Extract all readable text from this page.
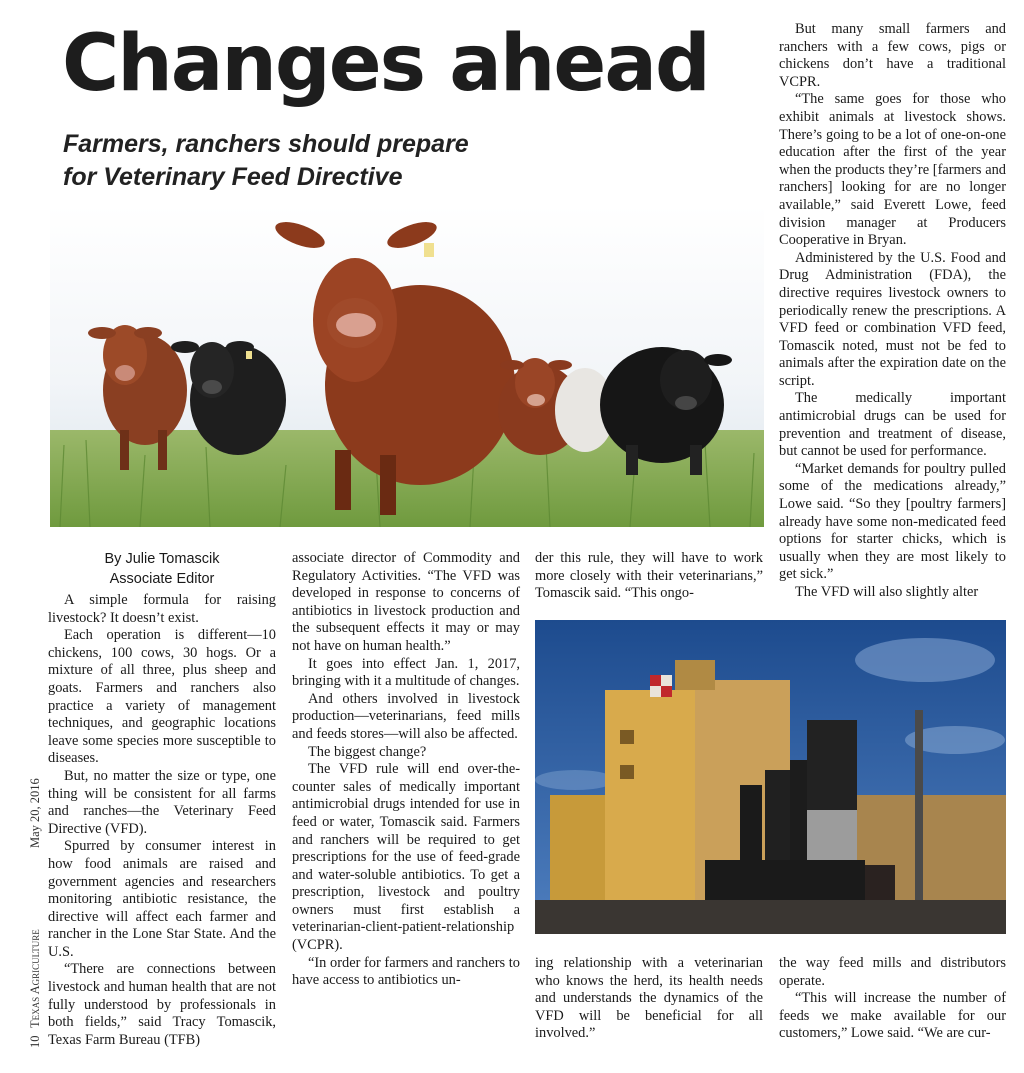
Changes ahead
Farmers, ranchers should prepare
for Veterinary Feed Directive
By Julie Tomascik
Associate Editor

A simple formula for raising livestock? It doesn’t exist.

Each operation is different—10 chickens, 100 cows, 30 hogs. Or a mixture of all three, plus sheep and goats. Farmers and ranchers also practice a variety of management techniques, and geographic locations leave some species more susceptible to diseases.

But, no matter the size or type, one thing will be consistent for all farms and ranches—the Veterinary Feed Directive (VFD).

Spurred by consumer interest in how food animals are raised and government agencies and researchers monitoring antibiotic resistance, the directive will affect each farmer and rancher in the Lone Star State. And the U.S.

“There are connections between livestock and human health that are not fully understood by professionals in both fields,” said Tracy Tomascik, Texas Farm Bureau (TFB)

associate director of Commodity and Regulatory Activities. “The VFD was developed in response to concerns of antibiotics in livestock production and the subsequent effects it may or may not have on human health.”

It goes into effect Jan. 1, 2017, bringing with it a multitude of changes.

And others involved in livestock production—veterinarians, feed mills and feeds stores—will also be affected.

The biggest change?

The VFD rule will end over-the-counter sales of medically important antimicrobial drugs intended for use in feed or water, Tomascik said. Farmers and ranchers will be required to get prescriptions for the use of feed-grade and water-soluble antibiotics. To get a prescription, livestock and poultry owners must first establish a veterinarian-client-patient-relationship (VCPR).

“In order for farmers and ranchers to have access to antibiotics un-

der this rule, they will have to work more closely with their veterinarians,” Tomascik said. “This ongo-

ing relationship with a veterinarian who knows the herd, its health needs and understands the dynamics of the VFD will be beneficial for all involved.”

But many small farmers and ranchers with a few cows, pigs or chickens don’t have a traditional VCPR.

“The same goes for those who exhibit animals at livestock shows. There’s going to be a lot of one-on-one education after the first of the year when the products they’re [farmers and ranchers] looking for are no longer available,” said Everett Lowe, feed division manager at Producers Cooperative in Bryan.

Administered by the U.S. Food and Drug Administration (FDA), the directive requires livestock owners to periodically renew the prescriptions. A VFD feed or combination VFD feed, Tomascik noted, must not be fed to animals after the expiration date on the script.

The medically important antimicrobial drugs can be used for prevention and treatment of disease, but cannot be used for performance.

“Market demands for poultry pulled some of the medications already,” Lowe said. “So they [poultry farmers] already have some non-medicated feed options for starter chicks, which is usually when they are most likely to get sick.”

The VFD will also slightly alter

the way feed mills and distributors operate.

“This will increase the number of feeds we make available for our customers,” Lowe said. “We are cur-

10
Texas Agriculture
May 20, 2016
